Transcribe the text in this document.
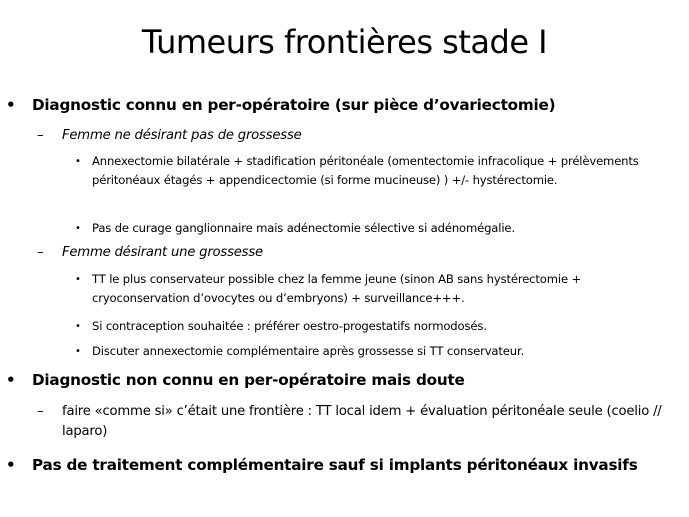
Tumeurs frontières stade I
• Diagnostic connu en per-opératoire (sur pièce d’ovariectomie)
– Femme ne désirant pas de grossesse
• Annexectomie bilatérale + stadification péritonéale (omentectomie infracolique + prélèvements péritonéaux étagés + appendicectomie (si forme mucineuse) ) +/- hystérectomie.
• Pas de curage ganglionnaire mais adénectomie sélective si adénomégalie.
– Femme désirant une grossesse
• TT le plus conservateur possible chez la femme jeune (sinon AB sans hystérectomie + cryoconservation d’ovocytes ou d’embryons) + surveillance+++.
• Si contraception souhaitée : préférer oestro-progestatifs normodosés.
• Discuter annexectomie complémentaire après grossesse si TT conservateur.
• Diagnostic non connu en per-opératoire mais doute
– faire «comme si» c’était une frontière : TT local idem + évaluation péritonéale seule (coelio // laparo)
• Pas de traitement complémentaire sauf si implants péritonéaux invasifs
